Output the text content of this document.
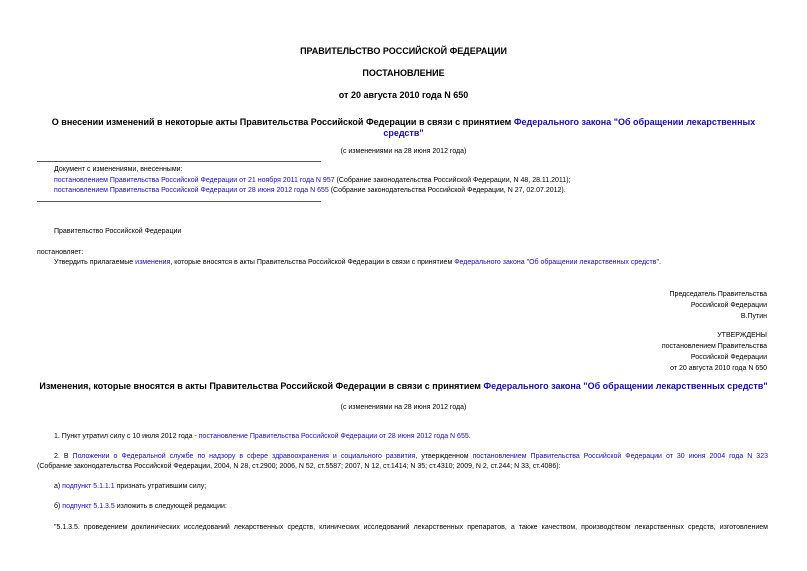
ПРАВИТЕЛЬСТВО РОССИЙСКОЙ ФЕДЕРАЦИИ
ПОСТАНОВЛЕНИЕ
от 20 августа 2010 года N 650
О внесении изменений в некоторые акты Правительства Российской Федерации в связи с принятием Федерального закона "Об обращении лекарственных
средств"
(с изменениями на 28 июня 2012 года)
Документ с изменениями, внесенными:
постановлением Правительства Российской Федерации от 21 ноября 2011 года N 957 (Собрание законодательства Российской Федерации, N 48, 28.11.2011);
постановлением Правительства Российской Федерации от 28 июня 2012 года N 655 (Собрание законодательства Российской Федерации, N 27, 02.07.2012).
Правительство Российской Федерации
постановляет:
Утвердить прилагаемые изменения, которые вносятся в акты Правительства Российской Федерации в связи с принятием Федерального закона "Об обращении лекарственных средств".
Председатель Правительства
Российской Федерации
В.Путин
УТВЕРЖДЕНЫ
постановлением Правительства
Российской Федерации
от 20 августа 2010 года N 650
Изменения, которые вносятся в акты Правительства Российской Федерации в связи с принятием Федерального закона "Об обращении лекарственных средств"
(с изменениями на 28 июня 2012 года)
1. Пункт утратил силу с 10 июля 2012 года - постановление Правительства Российской Федерации от 28 июня 2012 года N 655.
2. В Положении о Федеральной службе по надзору в сфере здравоохранения и социального развития, утвержденном постановлением Правительства Российской Федерации от 30 июня 2004 года N 323
(Собрание законодательства Российской Федерации, 2004, N 28, ст.2900; 2006, N 52, ст.5587; 2007, N 12, ст.1414; N 35; ст.4310; 2009, N 2, ст.244; N 33, ст.4086):
а) подпункт 5.1.1.1 признать утратившим силу;
б) подпункт 5.1.3.5 изложить в следующей редакции:
"5.1.3.5. проведением доклинических исследований лекарственных средств, клинических исследований лекарственных препаратов, а также качеством, производством лекарственных средств, изготовлением
